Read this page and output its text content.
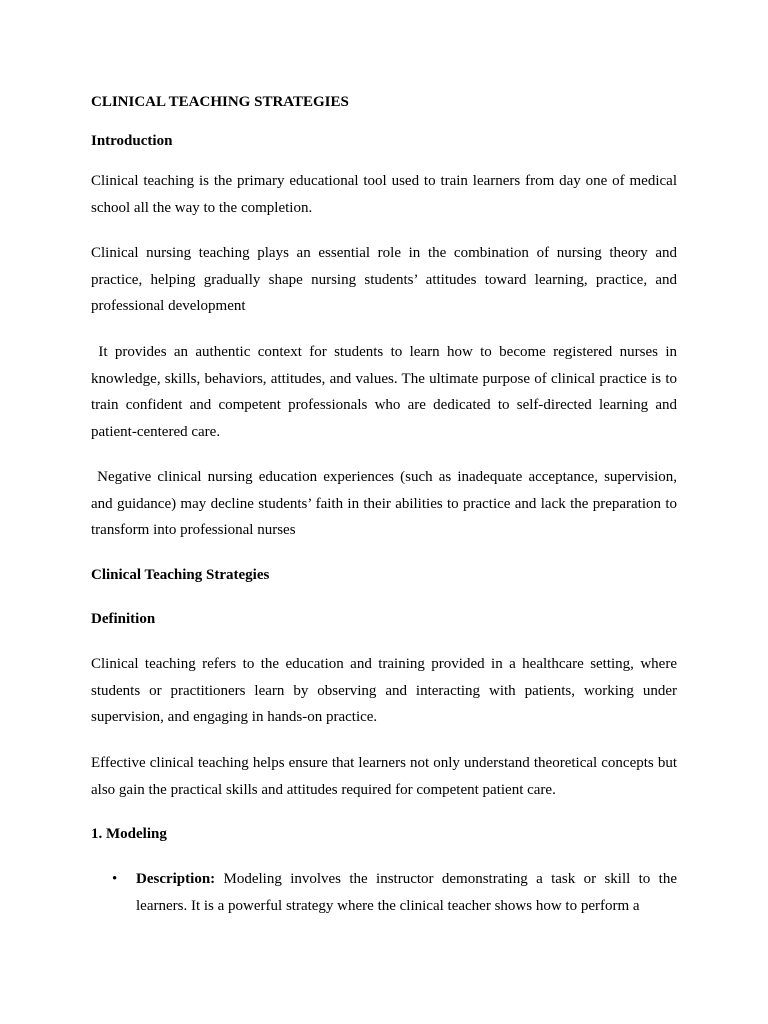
CLINICAL TEACHING STRATEGIES

Introduction

Clinical teaching is the primary educational tool used to train learners from day one of medical school all the way to the completion.

Clinical nursing teaching plays an essential role in the combination of nursing theory and practice, helping gradually shape nursing students’ attitudes toward learning, practice, and professional development

It provides an authentic context for students to learn how to become registered nurses in knowledge, skills, behaviors, attitudes, and values. The ultimate purpose of clinical practice is to train confident and competent professionals who are dedicated to self-directed learning and patient-centered care.

Negative clinical nursing education experiences (such as inadequate acceptance, supervision, and guidance) may decline students’ faith in their abilities to practice and lack the preparation to transform into professional nurses

Clinical Teaching Strategies

Definition

Clinical teaching refers to the education and training provided in a healthcare setting, where students or practitioners learn by observing and interacting with patients, working under supervision, and engaging in hands-on practice.

Effective clinical teaching helps ensure that learners not only understand theoretical concepts but also gain the practical skills and attitudes required for competent patient care.

1. Modeling

• Description: Modeling involves the instructor demonstrating a task or skill to the learners. It is a powerful strategy where the clinical teacher shows how to perform a
